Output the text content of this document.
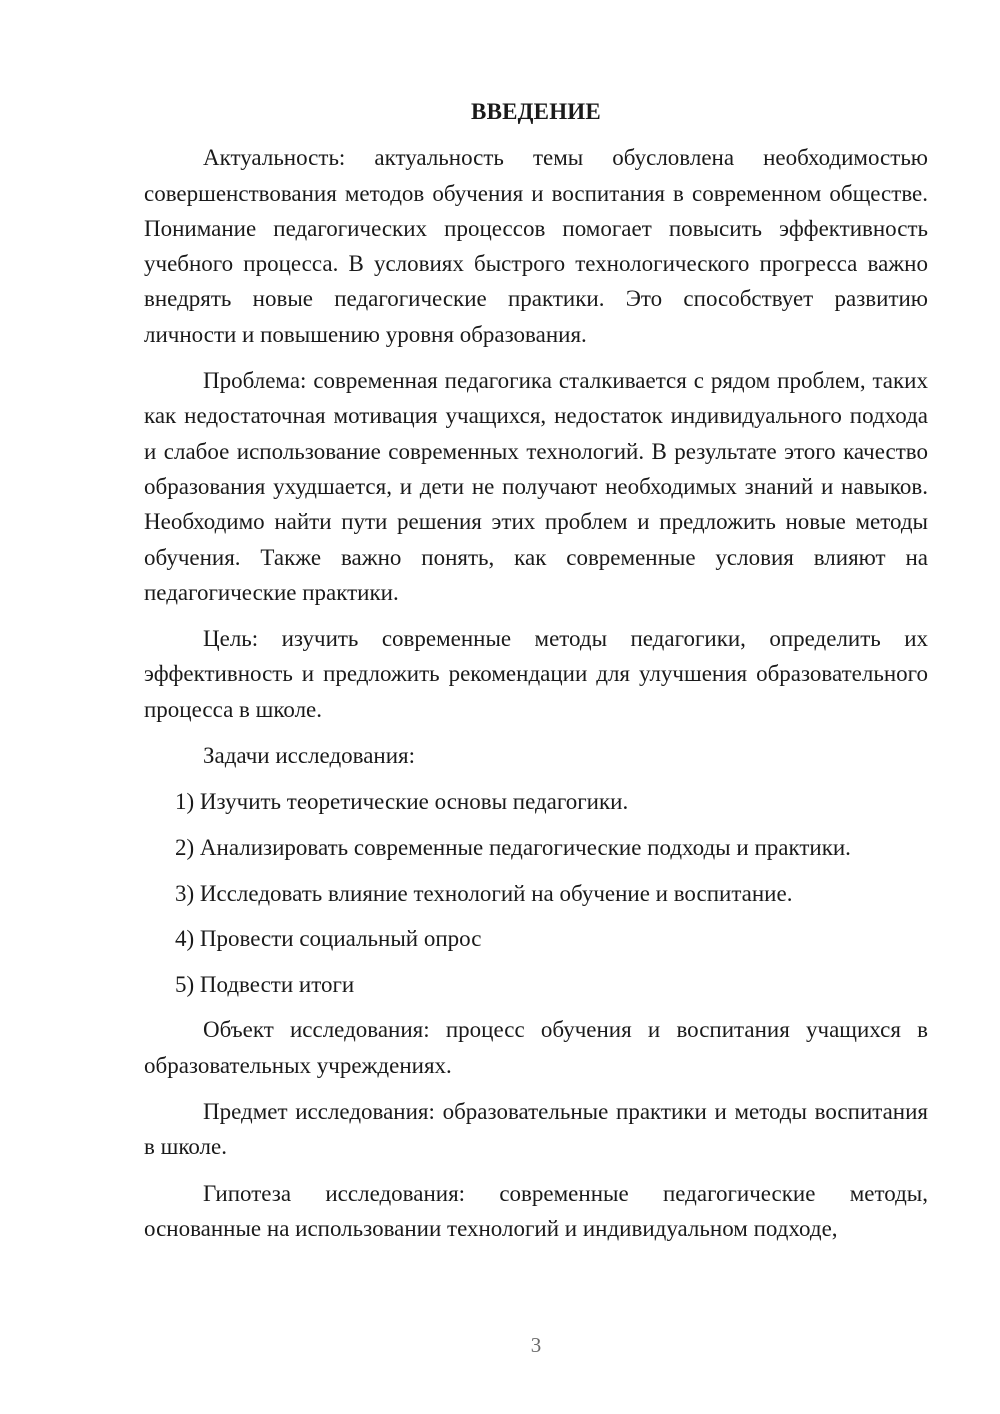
ВВЕДЕНИЕ

Актуальность: актуальность темы обусловлена необходимостью совершенствования методов обучения и воспитания в современном обществе. Понимание педагогических процессов помогает повысить эффективность учебного процесса. В условиях быстрого технологического прогресса важно внедрять новые педагогические практики. Это способствует развитию личности и повышению уровня образования.

Проблема: современная педагогика сталкивается с рядом проблем, таких как недостаточная мотивация учащихся, недостаток индивидуального подхода и слабое использование современных технологий. В результате этого качество образования ухудшается, и дети не получают необходимых знаний и навыков. Необходимо найти пути решения этих проблем и предложить новые методы обучения. Также важно понять, как современные условия влияют на педагогические практики.

Цель: изучить современные методы педагогики, определить их эффективность и предложить рекомендации для улучшения образовательного процесса в школе.

Задачи исследования:

1) Изучить теоретические основы педагогики.
2) Анализировать современные педагогические подходы и практики.
3) Исследовать влияние технологий на обучение и воспитание.
4) Провести социальный опрос
5) Подвести итоги

Объект исследования: процесс обучения и воспитания учащихся в образовательных учреждениях.

Предмет исследования: образовательные практики и методы воспитания в школе.

Гипотеза исследования: современные педагогические методы, основанные на использовании технологий и индивидуальном подходе,

3
